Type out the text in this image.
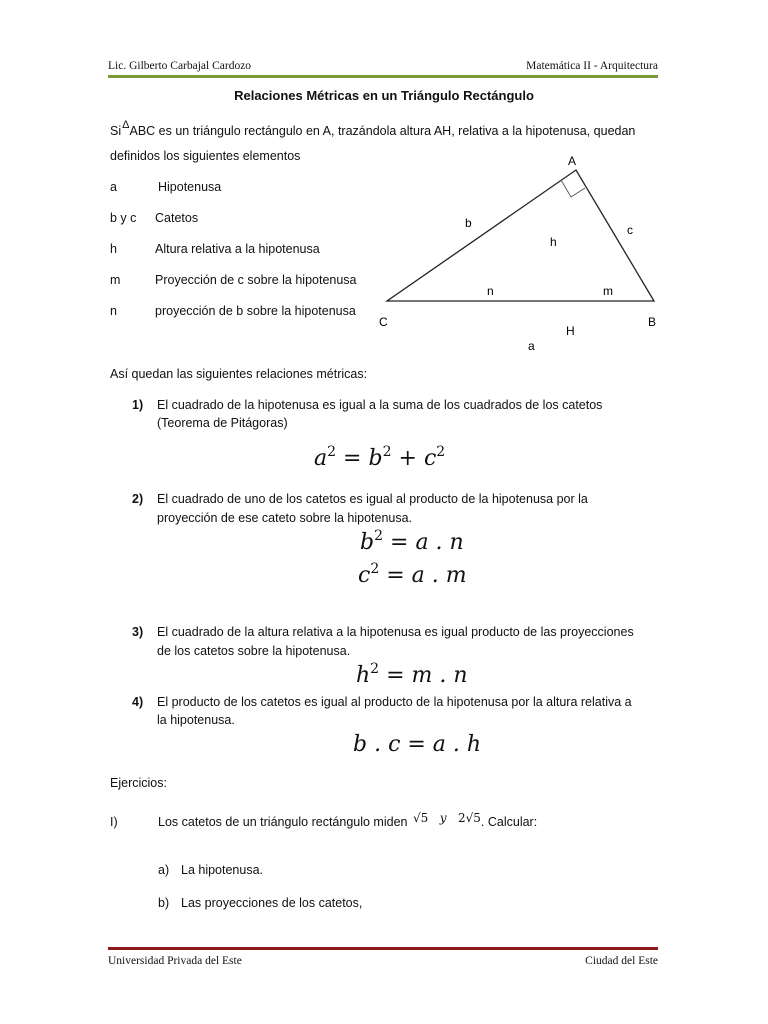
Lic. Gilberto Carbajal Cardozo	Matemática II - Arquitectura
Relaciones Métricas en un Triángulo Rectángulo
SiΔABC es un triángulo rectángulo en A, trazándola altura AH, relativa a la hipotenusa, quedan
definidos los siguientes elementos
a	Hipotenusa
b y c Catetos
h	Altura relativa a la hipotenusa
m	Proyección de c sobre la hipotenusa
n	proyección de b sobre la hipotenusa
A
B
C
H
a
b	c
h
m
n
Así quedan las siguientes relaciones métricas:
1) El cuadrado de la hipotenusa es igual a la suma de los cuadrados de los catetos
(Teorema de Pitágoras)
$a^2 = b^2 + c^2$
2) El cuadrado de uno de los catetos es igual al producto de la hipotenusa por la
proyección de ese cateto sobre la hipotenusa.
$b^2 = a$ . n
$c^2 = a$ . m
3) El cuadrado de la altura relativa a la hipotenusa es igual producto de las proyecciones
de los catetos sobre la hipotenusa.
$h^2 = m$ . n
4) El producto de los catetos es igual al producto de la hipotenusa por la altura relativa a
la hipotenusa.
b . c = a . h
Ejercicios:
I)	Los catetos de un triángulo rectángulo miden √5 y 2√5. Calcular:
a) La hipotenusa.
b) Las proyecciones de los catetos,
Universidad Privada del Este	Ciudad del Este
